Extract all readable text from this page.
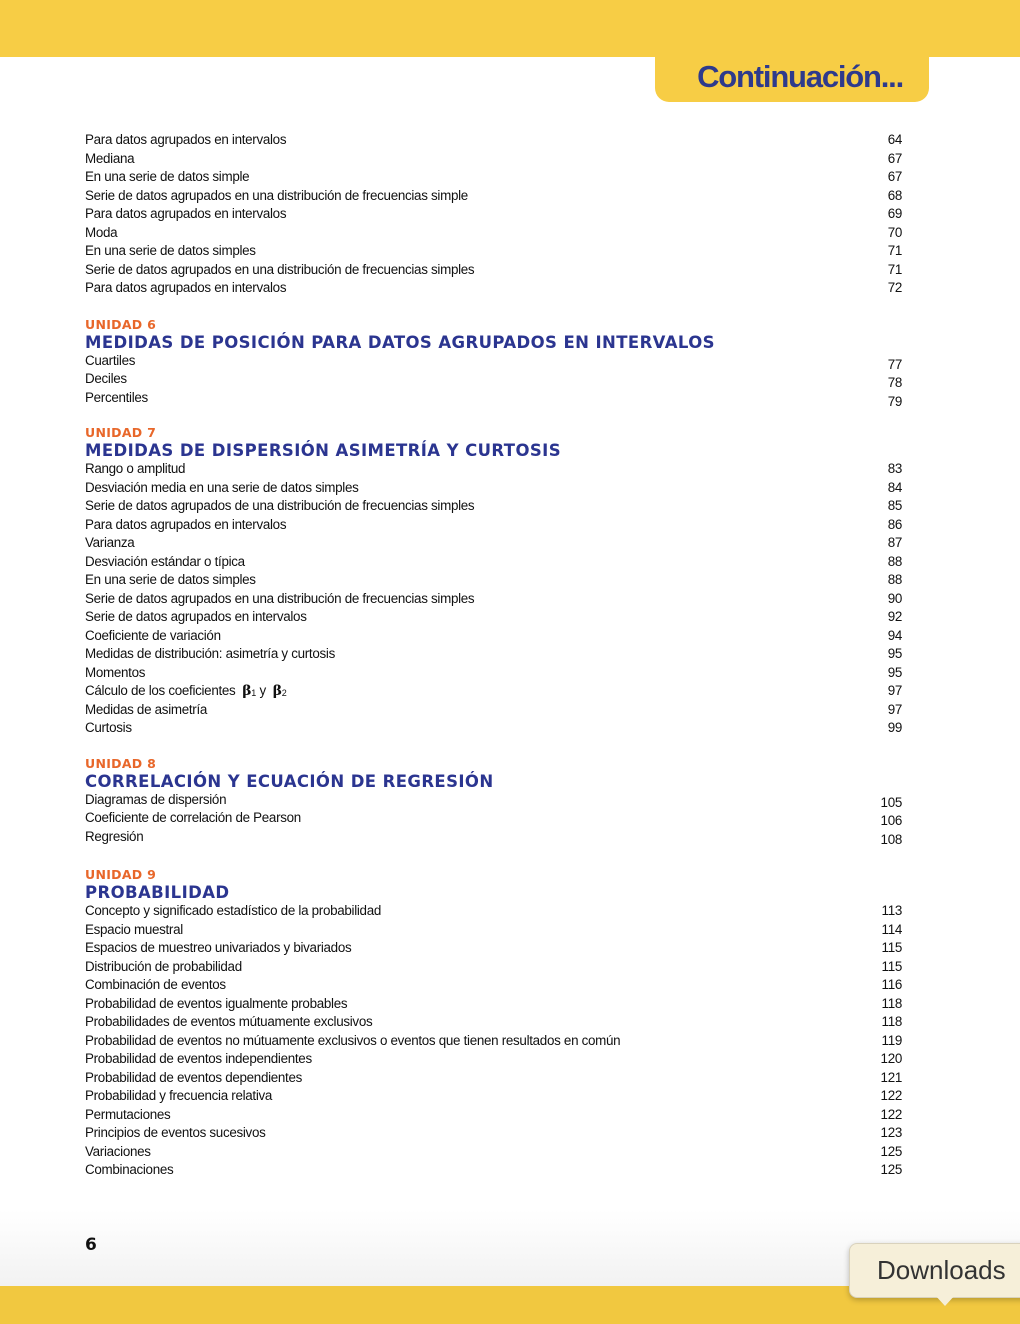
Continuación...
Para datos agrupados en intervalos	64
Mediana	67
En una serie de datos simple	67
Serie de datos agrupados en una distribución de frecuencias simple	68
Para datos agrupados en intervalos	69
Moda	70
En una serie de datos simples	71
Serie de datos agrupados en una distribución de frecuencias simples	71
Para datos agrupados en intervalos	72
UNIDAD 6
MEDIDAS DE POSICIÓN PARA DATOS AGRUPADOS EN INTERVALOS
Cuartiles	77
Deciles	78
Percentiles	79
UNIDAD 7
MEDIDAS DE DISPERSIÓN ASIMETRÍA Y CURTOSIS
Rango o amplitud	83
Desviación media en una serie de datos simples	84
Serie de datos agrupados de una distribución de frecuencias simples	85
Para datos agrupados en intervalos	86
Varianza	87
Desviación estándar o típica	88
En una serie de datos simples	88
Serie de datos agrupados en una distribución de frecuencias simples	90
Serie de datos agrupados en intervalos	92
Coeficiente de variación	94
Medidas de distribución: asimetría y curtosis	95
Momentos	95
Cálculo de los coeficientes β1 y β2	97
Medidas de asimetría	97
Curtosis	99
UNIDAD 8
CORRELACIÓN Y ECUACIÓN DE REGRESIÓN
Diagramas de dispersión	105
Coeficiente de correlación de Pearson	106
Regresión	108
UNIDAD 9
PROBABILIDAD
Concepto y significado estadístico de la probabilidad	113
Espacio muestral	114
Espacios de muestreo univariados y bivariados	115
Distribución de probabilidad	115
Combinación de eventos	116
Probabilidad de eventos igualmente probables	118
Probabilidades de eventos mútuamente exclusivos	118
Probabilidad de eventos no mútuamente exclusivos o eventos que tienen resultados en común	119
Probabilidad de eventos independientes	120
Probabilidad de eventos dependientes	121
Probabilidad y frecuencia relativa	122
Permutaciones	122
Principios de eventos sucesivos	123
Variaciones	125
Combinaciones	125
6
Downloads
